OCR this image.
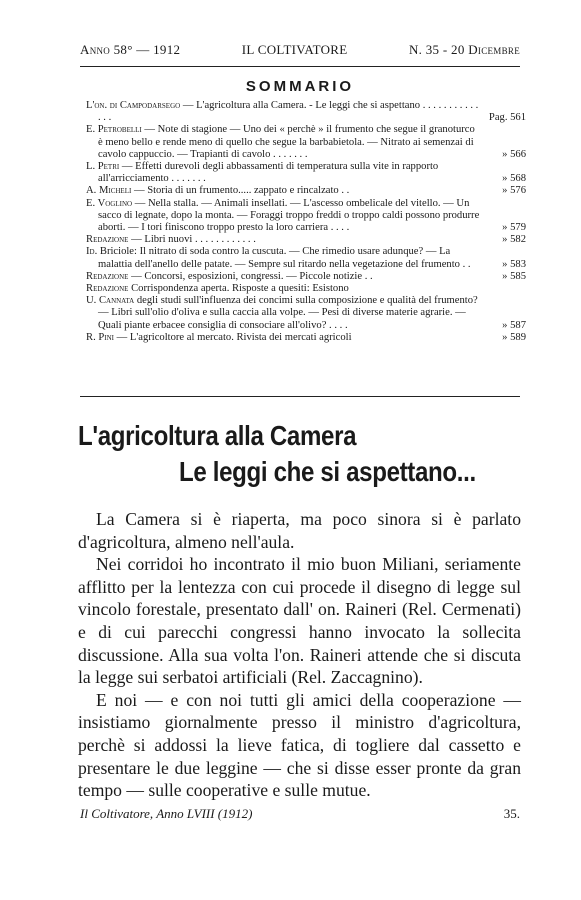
Anno 58° — 1912	IL COLTIVATORE	N. 35 - 20 Dicembre
SOMMARIO
L'on. di Campodarsego — L'agricoltura alla Camera. - Le leggi che si aspettano . . . . . . . . . . . . . .	Pag. 561
E. Petrobelli — Note di stagione — Uno dei « perchè » il frumento che segue il granoturco è meno bello e rende meno di quello che segue la barbabietola. — Nitrato ai semenzai di cavolo cappuccio. — Trapianti di cavolo . . . . . . .	» 566
L. Petri — Effetti durevoli degli abbassamenti di temperatura sulla vite in rapporto all'arricciamento . . . . . . .	» 568
A. Micheli — Storia di un frumento..... zappato e rincalzato . .	» 576
E. Voglino — Nella stalla. — Animali insellati. — L'ascesso ombelicale del vitello. — Un sacco di legnate, dopo la monta. — Foraggi troppo freddi o troppo caldi possono produrre aborti. — I tori finiscono troppo presto la loro carriera . . . .	» 579
Redazione — Libri nuovi . . . . . . . . . . . .	» 582
Id. Briciole: Il nitrato di soda contro la cuscuta. — Che rimedio usare adunque? — La malattia dell'anello delle patate. — Sempre sul ritardo nella vegetazione del frumento . .	» 583
Redazione — Concorsi, esposizioni, congressi. — Piccole notizie . .	» 585
Redazione Corrispondenza aperta. Risposte a quesiti: Esistono
U. Cannata degli studi sull'influenza dei concimi sulla composizione e qualità del frumento? — Libri sull'olio d'oliva e sulla caccia alla volpe. — Pesi di diverse materie agrarie. — Quali piante erbacee consiglia di consociare all'olivo? . . . .	» 587
R. Pini — L'agricoltore al mercato. Rivista dei mercati agricoli	» 589
L'agricoltura alla Camera
Le leggi che si aspettano...

La Camera si è riaperta, ma poco sinora si è parlato d'agricoltura, almeno nell'aula.

Nei corridoi ho incontrato il mio buon Miliani, seriamente afflitto per la lentezza con cui procede il disegno di legge sul vincolo forestale, presentato dall' on. Raineri (Rel. Cermenati) e di cui parecchi congressi hanno invocato la sollecita discussione. Alla sua volta l'on. Raineri attende che si discuta la legge sui serbatoi artificiali (Rel. Zaccagnino).

E noi — e con noi tutti gli amici della cooperazione — insistiamo giornalmente presso il ministro d'agricoltura, perchè si addossi la lieve fatica, di togliere dal cassetto e presentare le due leggine — che si disse esser pronte da gran tempo — sulle cooperative e sulle mutue.

Il Coltivatore, Anno LVIII (1912)	35.
